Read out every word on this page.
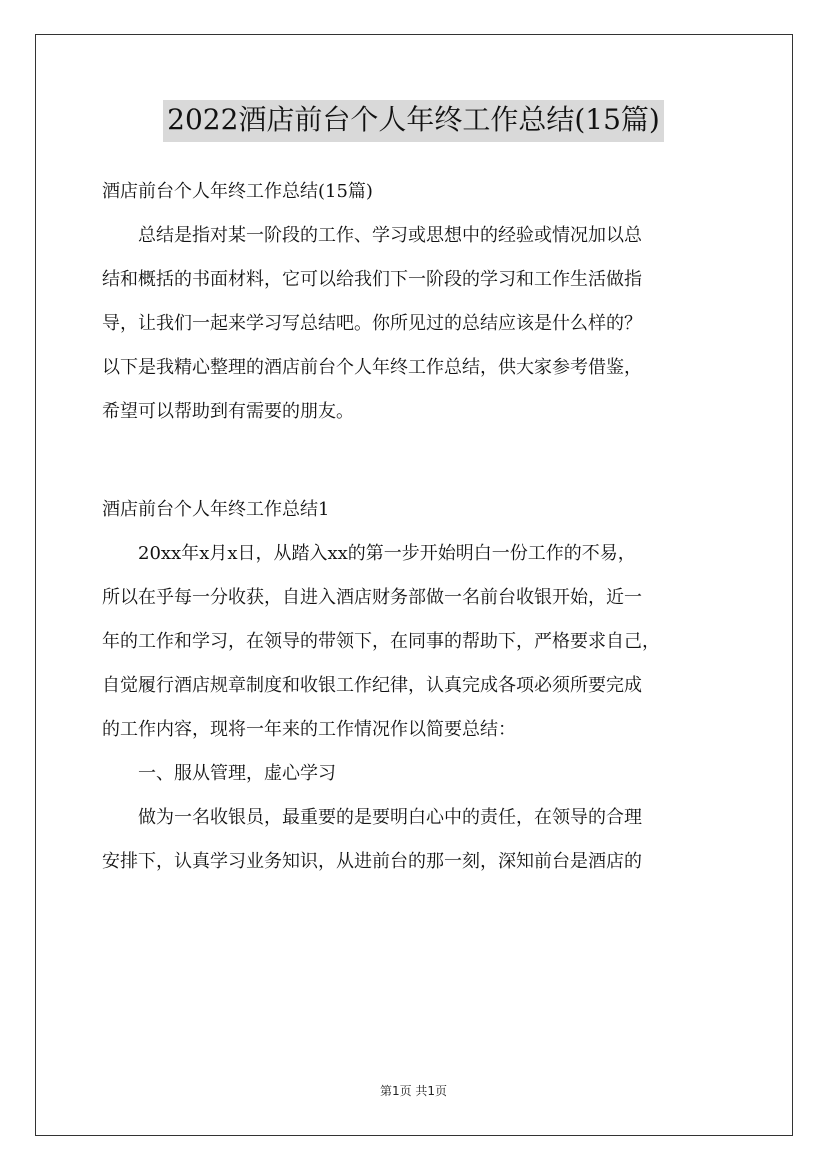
2022酒店前台个人年终工作总结(15篇)
酒店前台个人年终工作总结(15篇)
总结是指对某一阶段的工作、学习或思想中的经验或情况加以总
结和概括的书面材料，它可以给我们下一阶段的学习和工作生活做指
导，让我们一起来学习写总结吧。你所见过的总结应该是什么样的？
以下是我精心整理的酒店前台个人年终工作总结，供大家参考借鉴，
希望可以帮助到有需要的朋友。
酒店前台个人年终工作总结1
20xx年x月x日，从踏入xx的第一步开始明白一份工作的不易，
所以在乎每一分收获，自进入酒店财务部做一名前台收银开始，近一
年的工作和学习，在领导的带领下，在同事的帮助下，严格要求自己，
自觉履行酒店规章制度和收银工作纪律，认真完成各项必须所要完成
的工作内容，现将一年来的工作情况作以简要总结：
一、服从管理，虚心学习
做为一名收银员，最重要的是要明白心中的责任，在领导的合理
安排下，认真学习业务知识，从进前台的那一刻，深知前台是酒店的
第1页 共1页
